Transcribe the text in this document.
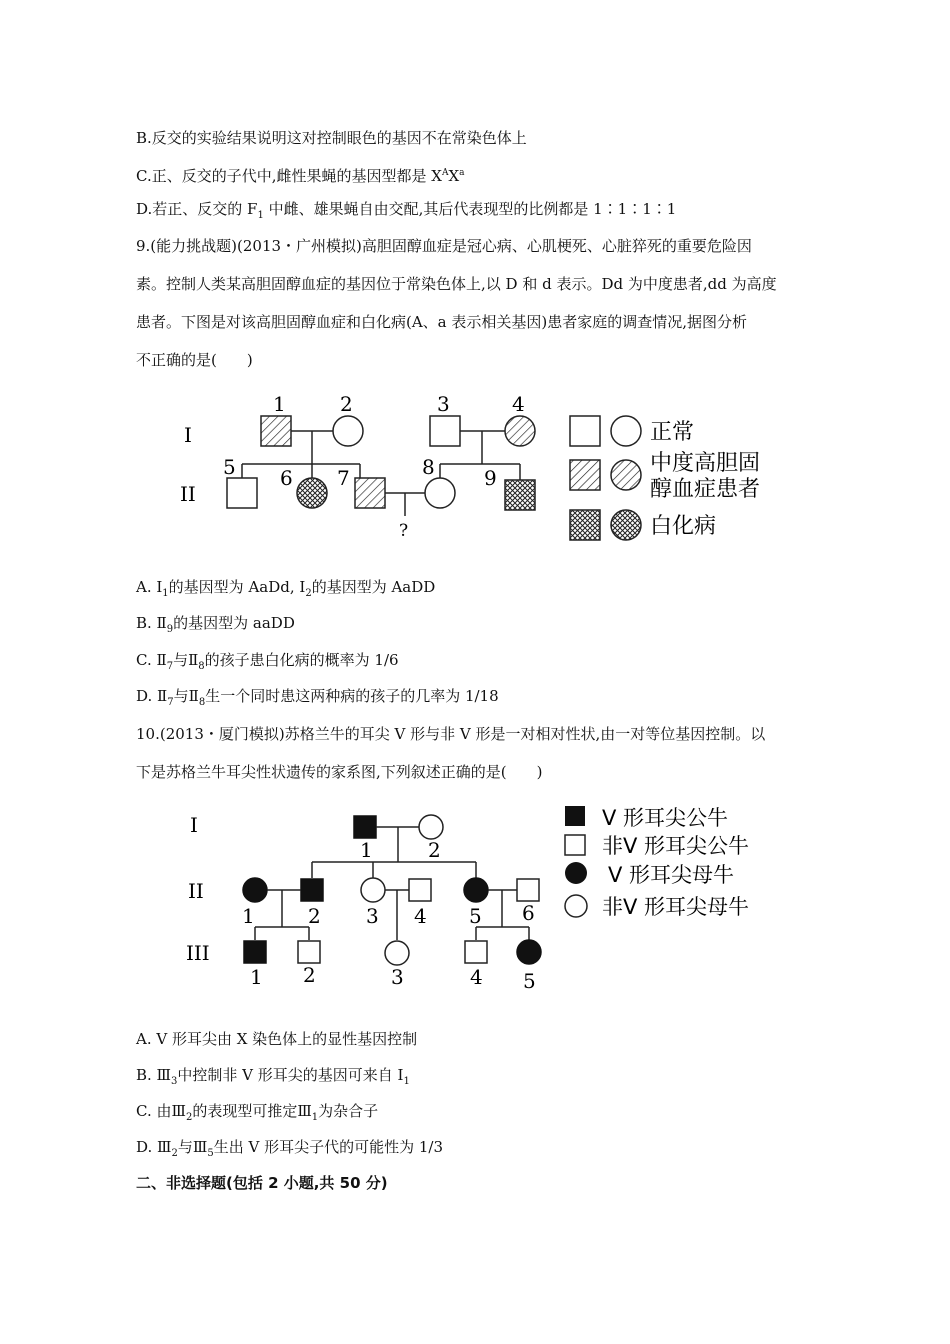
B.反交的实验结果说明这对控制眼色的基因不在常染色体上
C.正、反交的子代中,雌性果蝇的基因型都是 $X^AX^a$
D.若正、反交的 $F_1$ 中雌、雄果蝇自由交配,其后代表现型的比例都是 1∶1∶1∶1
9.(能力挑战题)(2013・广州模拟)高胆固醇血症是冠心病、心肌梗死、心脏猝死的重要危险因
素。控制人类某高胆固醇血症的基因位于常染色体上,以 D 和 d 表示。Dd 为中度患者,dd 为高度
患者。下图是对该高胆固醇血症和白化病(A、a 表示相关基因)患者家庭的调查情况,据图分析
不正确的是(　　)
I
II
?
1	2	3	4
5 6 7	8 9
正常
中度高胆固
醇血症患者
白化病
A. $Ⅰ_1$的基因型为 AaDd, $Ⅰ_2$的基因型为 AaDD
B. $Ⅱ_9$的基因型为 aaDD
C. $Ⅱ_7$与$Ⅱ_8$的孩子患白化病的概率为 1/6
D. $Ⅱ_7$与$Ⅱ_8$生一个同时患这两种病的孩子的几率为 1/18
10.(2013・厦门模拟)苏格兰牛的耳尖 V 形与非 V 形是一对相对性状,由一对等位基因控制。以
下是苏格兰牛耳尖性状遗传的家系图,下列叙述正确的是(　　)
I
II
III
1	2
1	2 3 4 5 6
1 2	3	4 5
V 形耳尖公牛
非V 形耳尖公牛
V 形耳尖母牛
非V 形耳尖母牛
A. V 形耳尖由 X 染色体上的显性基因控制
B. $Ⅲ_3$中控制非 V 形耳尖的基因可来自 $Ⅰ_1$
C. 由$Ⅲ_2$的表现型可推定$Ⅲ_1$为杂合子
D. $Ⅲ_2$与$Ⅲ_5$生出 V 形耳尖子代的可能性为 1/3
二、非选择题(包括 2 小题,共 50 分)
